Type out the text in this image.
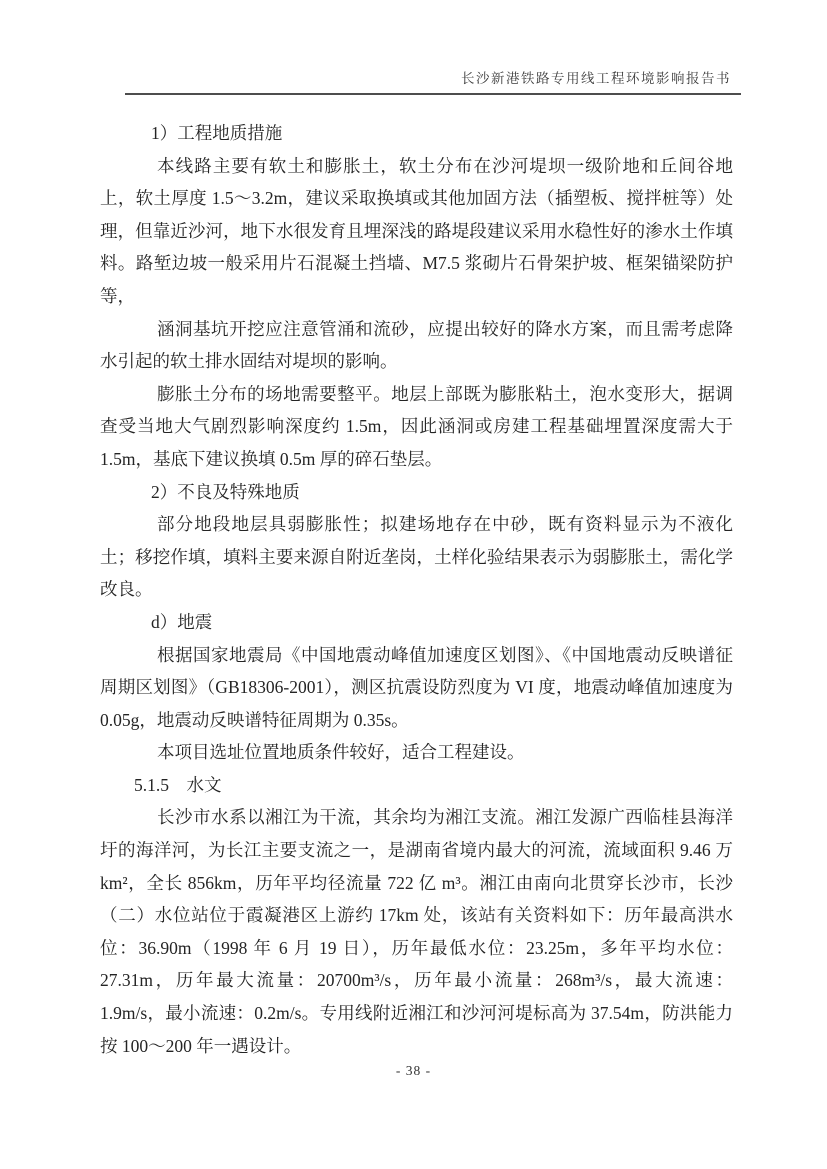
长沙新港铁路专用线工程环境影响报告书

1）工程地质措施

本线路主要有软土和膨胀土，软土分布在沙河堤坝一级阶地和丘间谷地上，软土厚度 1.5～3.2m，建议采取换填或其他加固方法（插塑板、搅拌桩等）处理，但靠近沙河，地下水很发育且埋深浅的路堤段建议采用水稳性好的渗水土作填料。路堑边坡一般采用片石混凝土挡墙、M7.5 浆砌片石骨架护坡、框架锚梁防护等，

涵洞基坑开挖应注意管涌和流砂，应提出较好的降水方案，而且需考虑降水引起的软土排水固结对堤坝的影响。

膨胀土分布的场地需要整平。地层上部既为膨胀粘土，泡水变形大，据调查受当地大气剧烈影响深度约 1.5m，因此涵洞或房建工程基础埋置深度需大于1.5m，基底下建议换填 0.5m 厚的碎石垫层。

2）不良及特殊地质

部分地段地层具弱膨胀性；拟建场地存在中砂，既有资料显示为不液化土；移挖作填，填料主要来源自附近垄岗，土样化验结果表示为弱膨胀土，需化学改良。

d）地震

根据国家地震局《中国地震动峰值加速度区划图》、《中国地震动反映谱征周期区划图》（GB18306-2001），测区抗震设防烈度为 VI 度，地震动峰值加速度为0.05g，地震动反映谱特征周期为 0.35s。

本项目选址位置地质条件较好，适合工程建设。

5.1.5　水文

长沙市水系以湘江为干流，其余均为湘江支流。湘江发源广西临桂县海洋圩的海洋河，为长江主要支流之一，是湖南省境内最大的河流，流域面积 9.46 万 km²，全长 856km，历年平均径流量 722 亿 m³。湘江由南向北贯穿长沙市，长沙（二）水位站位于霞凝港区上游约 17km 处，该站有关资料如下：历年最高洪水位：36.90m（1998 年 6 月 19 日），历年最低水位：23.25m，多年平均水位：27.31m，历年最大流量：20700m³/s，历年最小流量：268m³/s，最大流速：1.9m/s，最小流速：0.2m/s。专用线附近湘江和沙河河堤标高为 37.54m，防洪能力按 100～200 年一遇设计。

- 38 -
